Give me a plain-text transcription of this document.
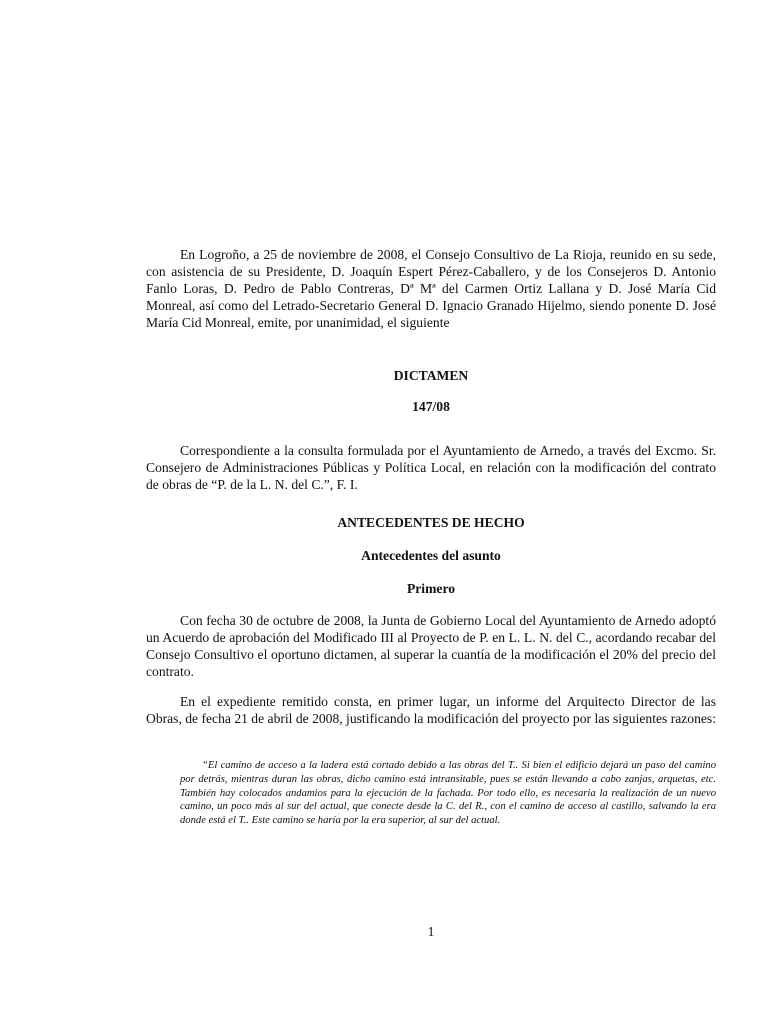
En Logroño, a 25 de noviembre de 2008, el Consejo Consultivo de La Rioja, reunido en su sede, con asistencia de su Presidente, D. Joaquín Espert Pérez-Caballero, y de los Consejeros D. Antonio Fanlo Loras, D. Pedro de Pablo Contreras, Dª Mª del Carmen Ortiz Lallana y D. José María Cid Monreal, así como del Letrado-Secretario General D. Ignacio Granado Hijelmo, siendo ponente D. José María Cid Monreal, emite, por unanimidad, el siguiente

DICTAMEN

147/08

Correspondiente a la consulta formulada por el Ayuntamiento de Arnedo, a través del Excmo. Sr. Consejero de Administraciones Públicas y Política Local, en relación con la modificación del contrato de obras de “P. de la L. N. del C.”, F. I.

ANTECEDENTES DE HECHO

Antecedentes del asunto

Primero

Con fecha 30 de octubre de 2008, la Junta de Gobierno Local del Ayuntamiento de Arnedo adoptó un Acuerdo de aprobación del Modificado III al Proyecto de P. en L. L. N. del C., acordando recabar del Consejo Consultivo el oportuno dictamen, al superar la cuantía de la modificación el 20% del precio del contrato.

En el expediente remitido consta, en primer lugar, un informe del Arquitecto Director de las Obras, de fecha 21 de abril de 2008, justificando la modificación del proyecto por las siguientes razones:

“El camino de acceso a la ladera está cortado debido a las obras del T.. Si bien el edificio dejará un paso del camino por detrás, mientras duran las obras, dicho camino está intransitable, pues se están llevando a cabo zanjas, arquetas, etc. También hay colocados andamios para la ejecución de la fachada. Por todo ello, es necesaria la realización de un nuevo camino, un poco más al sur del actual, que conecte desde la C. del R., con el camino de acceso al castillo, salvando la era donde está el T.. Este camino se haría por la era superior, al sur del actual.

1
